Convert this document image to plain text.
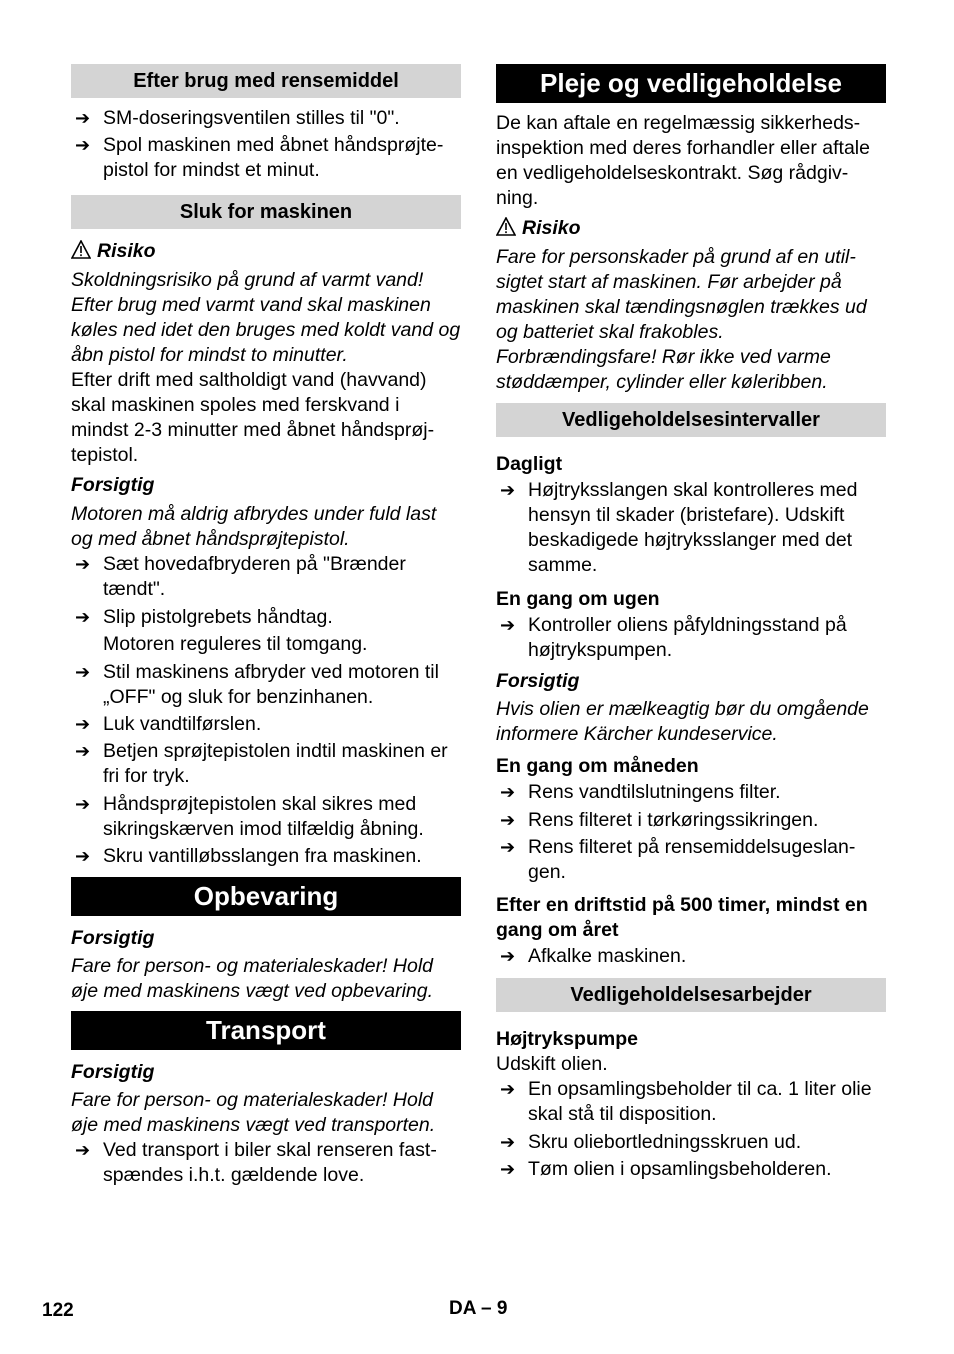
Efter brug med rensemiddel
➔ SM-doseringsventilen stilles til "0".
➔ Spol maskinen med åbnet håndsprøjte-pistol for mindst et minut.
Sluk for maskinen

Risiko

Skoldningsrisiko på grund af varmt vand! Efter brug med varmt vand skal maskinen køles ned idet den bruges med koldt vand og åbn pistol for mindst to minutter.

Efter drift med saltholdigt vand (havvand) skal maskinen spoles med ferskvand i mindst 2-3 minutter med åbnet håndsprøj-tepistol.

Forsigtig

Motoren må aldrig afbrydes under fuld last og med åbnet håndsprøjtepistol.

➔ Sæt hovedafbryderen på "Brænder tændt".
➔ Slip pistolgrebets håndtag.

Motoren reguleres til tomgang.

➔ Stil maskinens afbryder ved motoren til „OFF" og sluk for benzinhanen.
➔ Luk vandtilførslen.
➔ Betjen sprøjtepistolen indtil maskinen er fri for tryk.
➔ Håndsprøjtepistolen skal sikres med sikringskærven imod tilfældig åbning.
➔ Skru vantilløbsslangen fra maskinen.
Opbevaring

Forsigtig

Fare for person- og materialeskader! Hold øje med maskinens vægt ved opbevaring.

Transport

Forsigtig

Fare for person- og materialeskader! Hold øje med maskinens vægt ved transporten.

➔ Ved transport i biler skal renseren fast-spændes i.h.t. gældende love.
Pleje og vedligeholdelse

De kan aftale en regelmæssig sikkerheds-inspektion med deres forhandler eller aftale en vedligeholdelseskontrakt. Søg rådgiv-ning.

Risiko

Fare for personskader på grund af en util-sigtet start af maskinen. Før arbejder på maskinen skal tændingsnøglen trækkes ud og batteriet skal frakobles.

Forbrændingsfare! Rør ikke ved varme støddæmper, cylinder eller køleribben.

Vedligeholdelsesintervaller

Dagligt

➔ Højtryksslangen skal kontrolleres med hensyn til skader (bristefare). Udskift beskadigede højtryksslanger med det samme.

En gang om ugen

➔ Kontroller oliens påfyldningsstand på højtrykspumpen.

Forsigtig

Hvis olien er mælkeagtig bør du omgående informere Kärcher kundeservice.

En gang om måneden

➔ Rens vandtilslutningens filter.
➔ Rens filteret i tørkøringssikringen.
➔ Rens filteret på rensemiddelsugeslan-gen.

Efter en driftstid på 500 timer, mindst en gang om året

➔ Afkalke maskinen.
Vedligeholdelsesarbejder

Højtrykspumpe

Udskift olien.

➔ En opsamlingsbeholder til ca. 1 liter olie skal stå til disposition.
➔ Skru oliebortledningsskruen ud.
➔ Tøm olien i opsamlingsbeholderen.
122	DA – 9
